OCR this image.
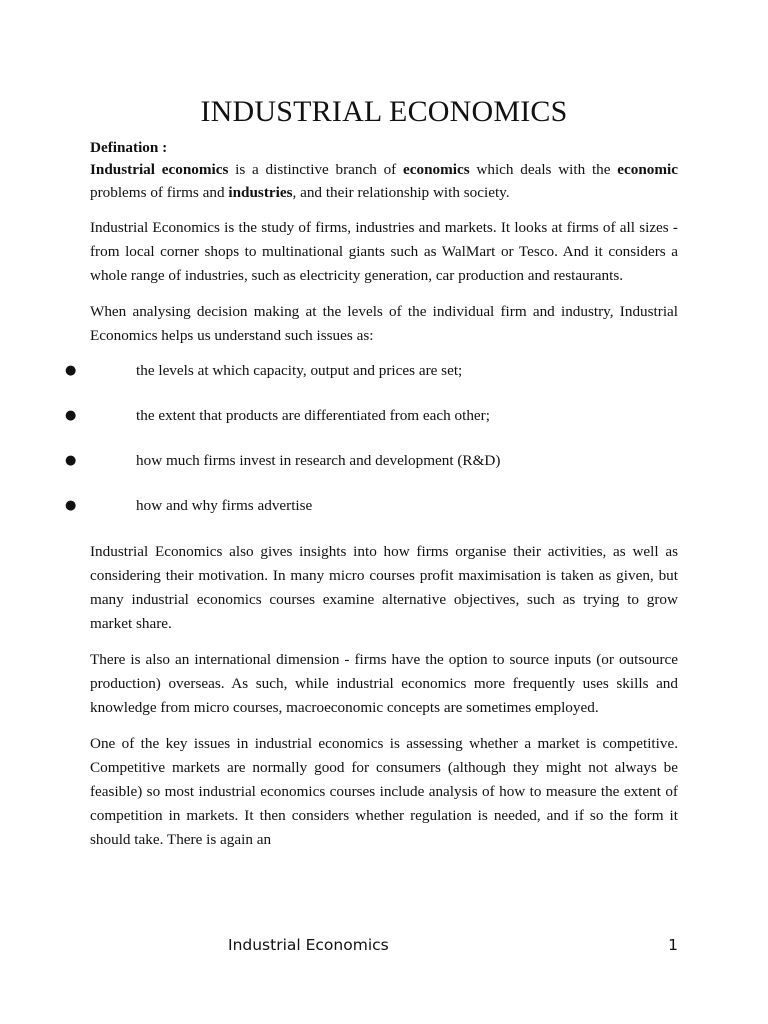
INDUSTRIAL ECONOMICS
Defination :
Industrial economics is a distinctive branch of economics which deals with the economic problems of firms and industries, and their relationship with society.

Industrial Economics is the study of firms, industries and markets. It looks at firms of all sizes - from local corner shops to multinational giants such as WalMart or Tesco. And it considers a whole range of industries, such as electricity generation, car production and restaurants.

When analysing decision making at the levels of the individual firm and industry, Industrial Economics helps us understand such issues as:

●	the levels at which capacity, output and prices are set;
●	the extent that products are differentiated from each other;
●	how much firms invest in research and development (R&D)
●	how and why firms advertise

Industrial Economics also gives insights into how firms organise their activities, as well as considering their motivation. In many micro courses profit maximisation is taken as given, but many industrial economics courses examine alternative objectives, such as trying to grow market share.

There is also an international dimension - firms have the option to source inputs (or outsource production) overseas. As such, while industrial economics more frequently uses skills and knowledge from micro courses, macroeconomic concepts are sometimes employed.

One of the key issues in industrial economics is assessing whether a market is competitive. Competitive markets are normally good for consumers (although they might not always be feasible) so most industrial economics courses include analysis of how to measure the extent of competition in markets. It then considers whether regulation is needed, and if so the form it should take. There is again an

Industrial Economics	1
